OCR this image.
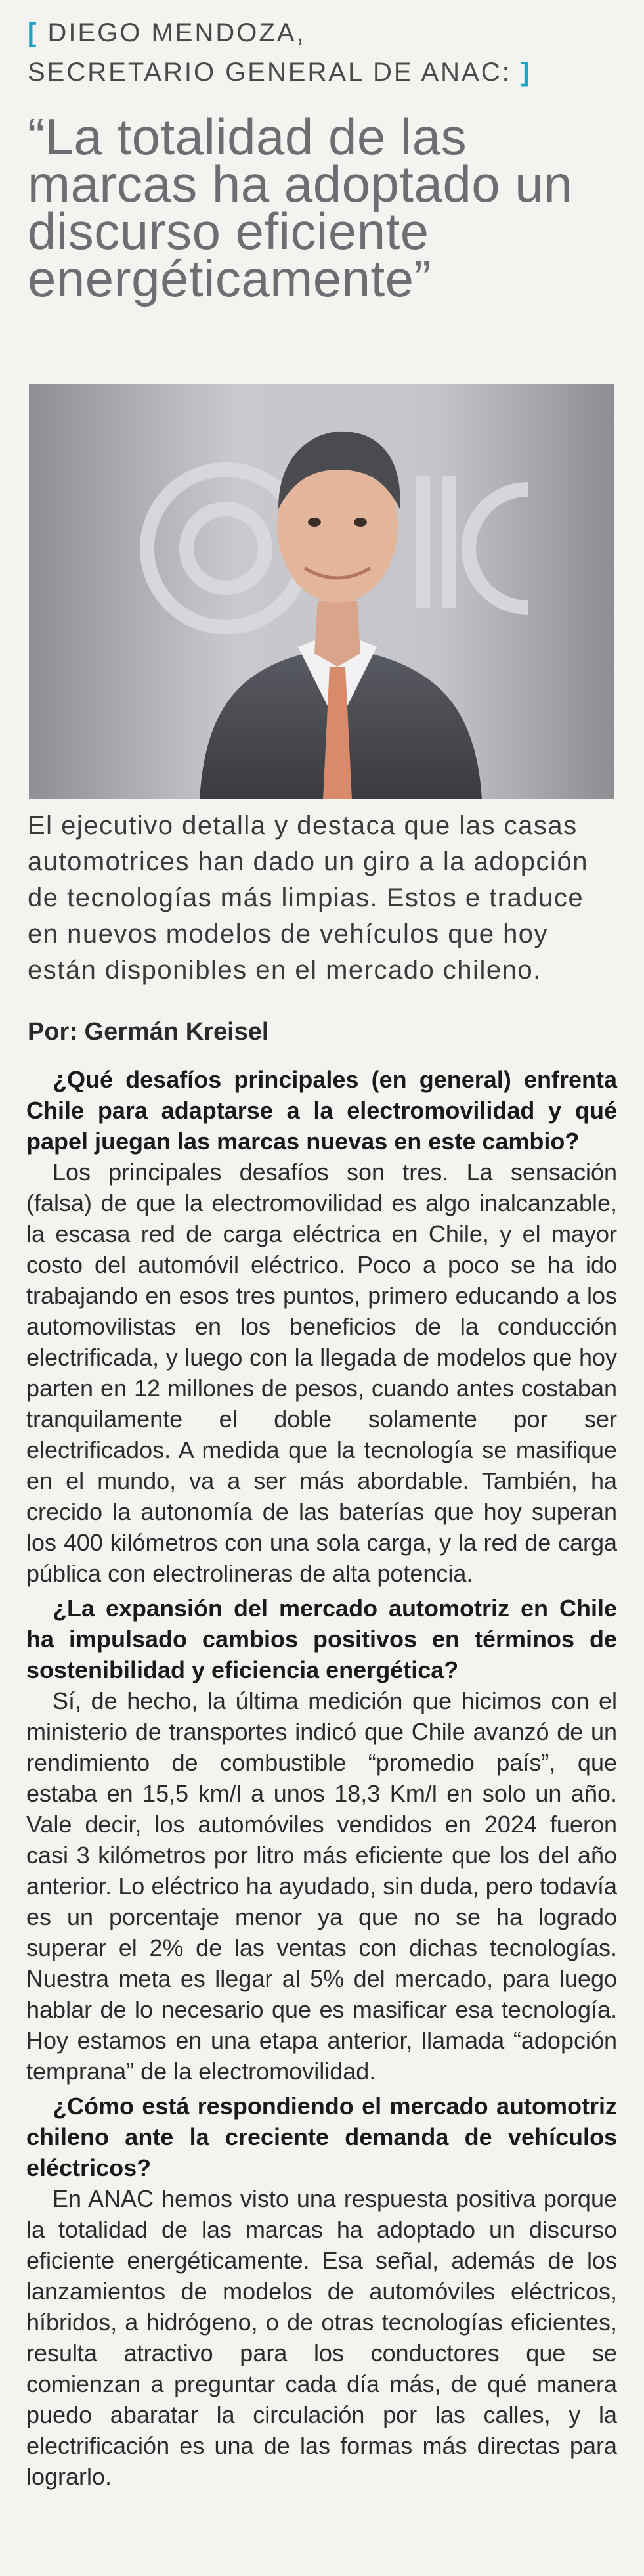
[ DIEGO MENDOZA,
SECRETARIO GENERAL DE ANAC: ]
“La totalidad de las marcas ha adoptado un discurso eficiente energéticamente”
El ejecutivo detalla y destaca que las casas automotrices han dado un giro a la adopción de tecnologías más limpias. Estos e traduce en nuevos modelos de vehículos que hoy están disponibles en el mercado chileno.
Por: Germán Kreisel

¿Qué desafíos principales (en general) enfrenta Chile para adaptarse a la electromovilidad y qué papel juegan las marcas nuevas en este cambio?

Los principales desafíos son tres. La sensación (falsa) de que la electromovilidad es algo inalcanzable, la escasa red de carga eléctrica en Chile, y el mayor costo del automóvil eléctrico. Poco a poco se ha ido trabajando en esos tres puntos, primero educando a los automovilistas en los beneficios de la conducción electrificada, y luego con la llegada de modelos que hoy parten en 12 millones de pesos, cuando antes costaban tranquilamente el doble solamente por ser electrificados. A medida que la tecnología se masifique en el mundo, va a ser más abordable. También, ha crecido la autonomía de las baterías que hoy superan los 400 kilómetros con una sola carga, y la red de carga pública con electrolineras de alta potencia.

¿La expansión del mercado automotriz en Chile ha impulsado cambios positivos en términos de sostenibilidad y eficiencia energética?

Sí, de hecho, la última medición que hicimos con el ministerio de transportes indicó que Chile avanzó de un rendimiento de combustible “promedio país”, que estaba en 15,5 km/l a unos 18,3 Km/l en solo un año. Vale decir, los automóviles vendidos en 2024 fueron casi 3 kilómetros por litro más eficiente que los del año anterior. Lo eléctrico ha ayudado, sin duda, pero todavía es un porcentaje menor ya que no se ha logrado superar el 2% de las ventas con dichas tecnologías. Nuestra meta es llegar al 5% del mercado, para luego hablar de lo necesario que es masificar esa tecnología. Hoy estamos en una etapa anterior, llamada “adopción temprana” de la electromovilidad.

¿Cómo está respondiendo el mercado automotriz chileno ante la creciente demanda de vehículos eléctricos?

En ANAC hemos visto una respuesta positiva porque la totalidad de las marcas ha adoptado un discurso eficiente energéticamente. Esa señal, además de los lanzamientos de modelos de automóviles eléctricos, híbridos, a hidrógeno, o de otras tecnologías eficientes, resulta atractivo para los conductores que se comienzan a preguntar cada día más, de qué manera puedo abaratar la circulación por las calles, y la electrificación es una de las formas más directas para lograrlo.
